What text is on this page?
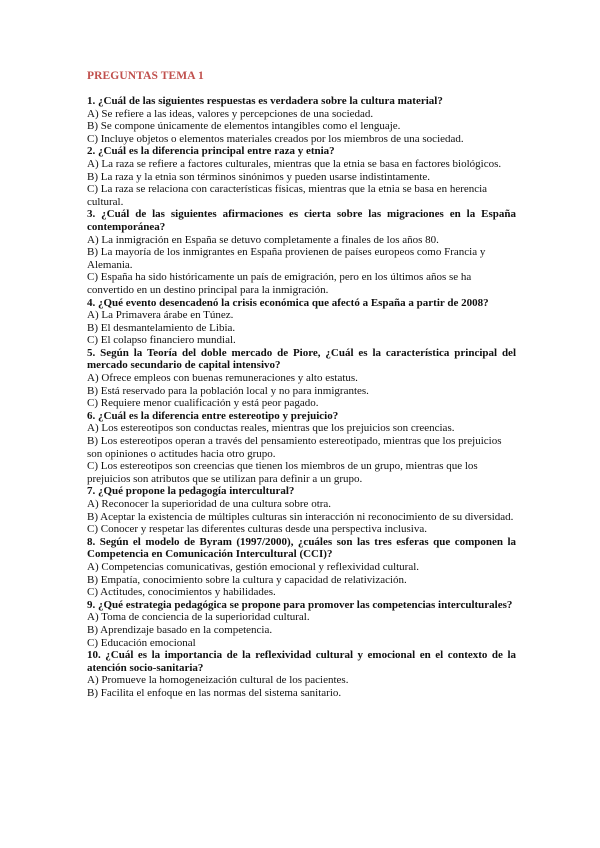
PREGUNTAS TEMA 1
1. ¿Cuál de las siguientes respuestas es verdadera sobre la cultura material?
A) Se refiere a las ideas, valores y percepciones de una sociedad.
B) Se compone únicamente de elementos intangibles como el lenguaje.
C) Incluye objetos o elementos materiales creados por los miembros de una sociedad.
2. ¿Cuál es la diferencia principal entre raza y etnia?
A) La raza se refiere a factores culturales, mientras que la etnia se basa en factores biológicos.
B) La raza y la etnia son términos sinónimos y pueden usarse indistintamente.
C) La raza se relaciona con características físicas, mientras que la etnia se basa en herencia cultural.
3. ¿Cuál de las siguientes afirmaciones es cierta sobre las migraciones en la España contemporánea?
A) La inmigración en España se detuvo completamente a finales de los años 80.
B) La mayoría de los inmigrantes en España provienen de países europeos como Francia y Alemania.
C) España ha sido históricamente un país de emigración, pero en los últimos años se ha convertido en un destino principal para la inmigración.
4. ¿Qué evento desencadenó la crisis económica que afectó a España a partir de 2008?
A) La Primavera árabe en Túnez.
B) El desmantelamiento de Libia.
C) El colapso financiero mundial.
5. Según la Teoría del doble mercado de Piore, ¿Cuál es la característica principal del mercado secundario de capital intensivo?
A) Ofrece empleos con buenas remuneraciones y alto estatus.
B) Está reservado para la población local y no para inmigrantes.
C) Requiere menor cualificación y está peor pagado.
6. ¿Cuál es la diferencia entre estereotipo y prejuicio?
A) Los estereotipos son conductas reales, mientras que los prejuicios son creencias.
B) Los estereotipos operan a través del pensamiento estereotipado, mientras que los prejuicios son opiniones o actitudes hacia otro grupo.
C) Los estereotipos son creencias que tienen los miembros de un grupo, mientras que los prejuicios son atributos que se utilizan para definir a un grupo.
7. ¿Qué propone la pedagogía intercultural?
A) Reconocer la superioridad de una cultura sobre otra.
B) Aceptar la existencia de múltiples culturas sin interacción ni reconocimiento de su diversidad.
C) Conocer y respetar las diferentes culturas desde una perspectiva inclusiva.
8. Según el modelo de Byram (1997/2000), ¿cuáles son las tres esferas que componen la Competencia en Comunicación Intercultural (CCI)?
A) Competencias comunicativas, gestión emocional y reflexividad cultural.
B) Empatía, conocimiento sobre la cultura y capacidad de relativización.
C) Actitudes, conocimientos y habilidades.
9. ¿Qué estrategia pedagógica se propone para promover las competencias interculturales?
A) Toma de conciencia de la superioridad cultural.
B) Aprendizaje basado en la competencia.
C) Educación emocional
10. ¿Cuál es la importancia de la reflexividad cultural y emocional en el contexto de la atención socio-sanitaria?
A) Promueve la homogeneización cultural de los pacientes.
B) Facilita el enfoque en las normas del sistema sanitario.
